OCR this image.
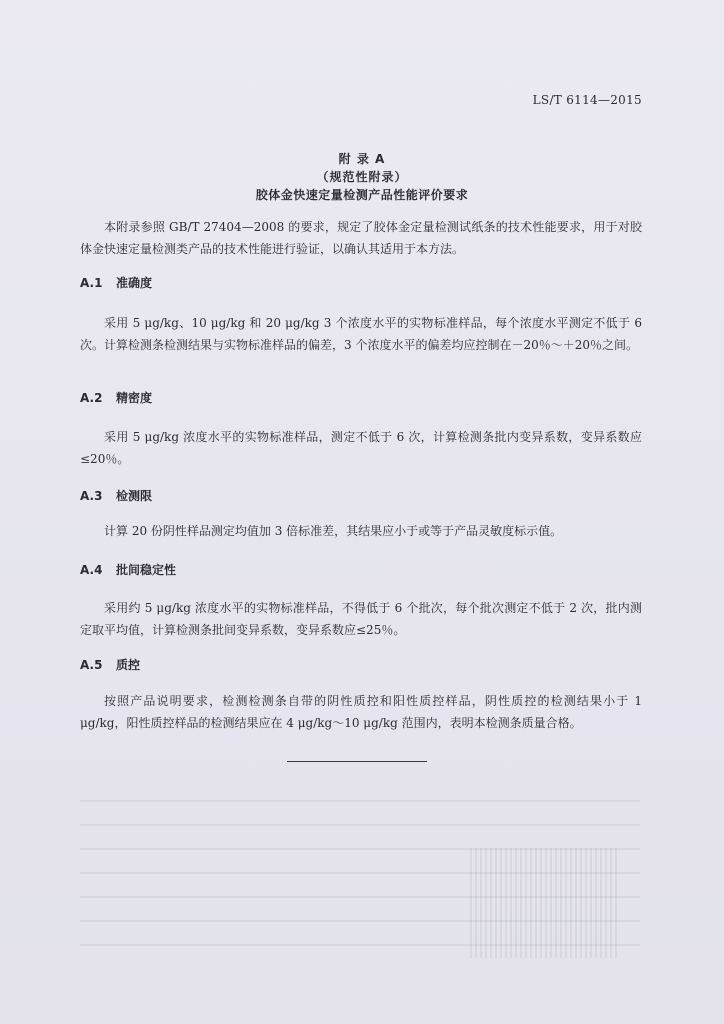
LS/T 6114—2015
附 录 A
（规范性附录）
胶体金快速定量检测产品性能评价要求
本附录参照 GB/T 27404—2008 的要求，规定了胶体金定量检测试纸条的技术性能要求，用于对胶体金快速定量检测类产品的技术性能进行验证，以确认其适用于本方法。
A.1 准确度
采用 5 μg/kg、10 μg/kg 和 20 μg/kg 3 个浓度水平的实物标准样品，每个浓度水平测定不低于 6 次。计算检测条检测结果与实物标准样品的偏差，3 个浓度水平的偏差均应控制在－20％～＋20％之间。
A.2 精密度
采用 5 μg/kg 浓度水平的实物标准样品，测定不低于 6 次，计算检测条批内变异系数，变异系数应≤20％。
A.3 检测限
计算 20 份阴性样品测定均值加 3 倍标准差，其结果应小于或等于产品灵敏度标示值。
A.4 批间稳定性
采用约 5 μg/kg 浓度水平的实物标准样品，不得低于 6 个批次，每个批次测定不低于 2 次，批内测定取平均值，计算检测条批间变异系数，变异系数应≤25％。
A.5 质控
按照产品说明要求，检测检测条自带的阴性质控和阳性质控样品，阴性质控的检测结果小于 1 μg/kg，阳性质控样品的检测结果应在 4 μg/kg～10 μg/kg 范围内，表明本检测条质量合格。
